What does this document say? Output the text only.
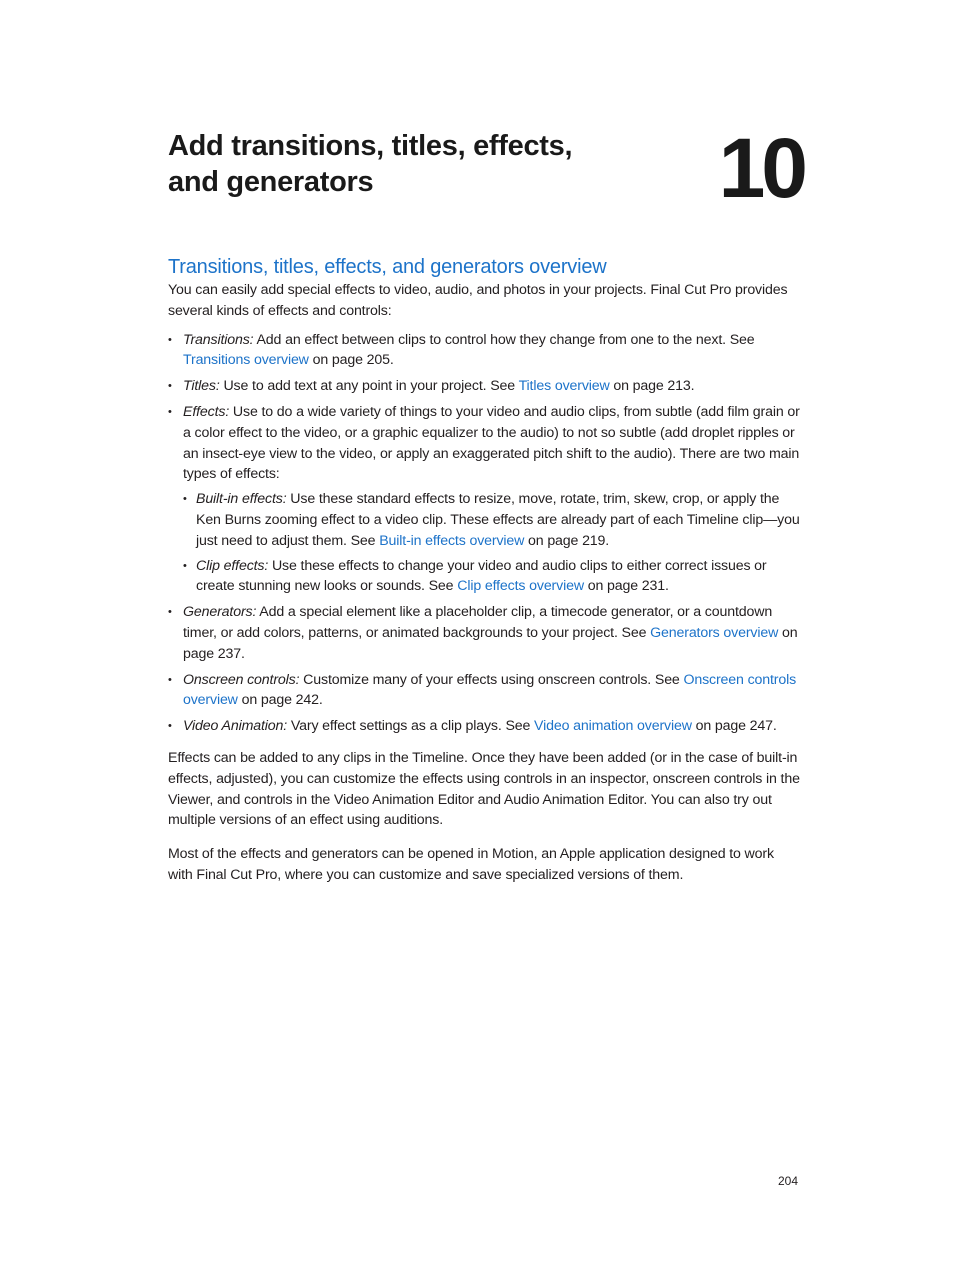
Add transitions, titles, effects,
and generators	10
Transitions, titles, effects, and generators overview

You can easily add special effects to video, audio, and photos in your projects. Final Cut Pro provides several kinds of effects and controls:

• Transitions: Add an effect between clips to control how they change from one to the next. See Transitions overview on page 205.
• Titles: Use to add text at any point in your project. See Titles overview on page 213.
• Effects: Use to do a wide variety of things to your video and audio clips, from subtle (add film grain or a color effect to the video, or a graphic equalizer to the audio) to not so subtle (add droplet ripples or an insect-eye view to the video, or apply an exaggerated pitch shift to the audio). There are two main types of effects:
• Built-in effects: Use these standard effects to resize, move, rotate, trim, skew, crop, or apply the Ken Burns zooming effect to a video clip. These effects are already part of each Timeline clip—you just need to adjust them. See Built-in effects overview on page 219.
• Clip effects: Use these effects to change your video and audio clips to either correct issues or create stunning new looks or sounds. See Clip effects overview on page 231.
• Generators: Add a special element like a placeholder clip, a timecode generator, or a countdown timer, or add colors, patterns, or animated backgrounds to your project. See Generators overview on page 237.
• Onscreen controls: Customize many of your effects using onscreen controls. See Onscreen controls overview on page 242.
• Video Animation: Vary effect settings as a clip plays. See Video animation overview on page 247.

Effects can be added to any clips in the Timeline. Once they have been added (or in the case of built-in effects, adjusted), you can customize the effects using controls in an inspector, onscreen controls in the Viewer, and controls in the Video Animation Editor and Audio Animation Editor. You can also try out multiple versions of an effect using auditions.

Most of the effects and generators can be opened in Motion, an Apple application designed to work with Final Cut Pro, where you can customize and save specialized versions of them.

204
